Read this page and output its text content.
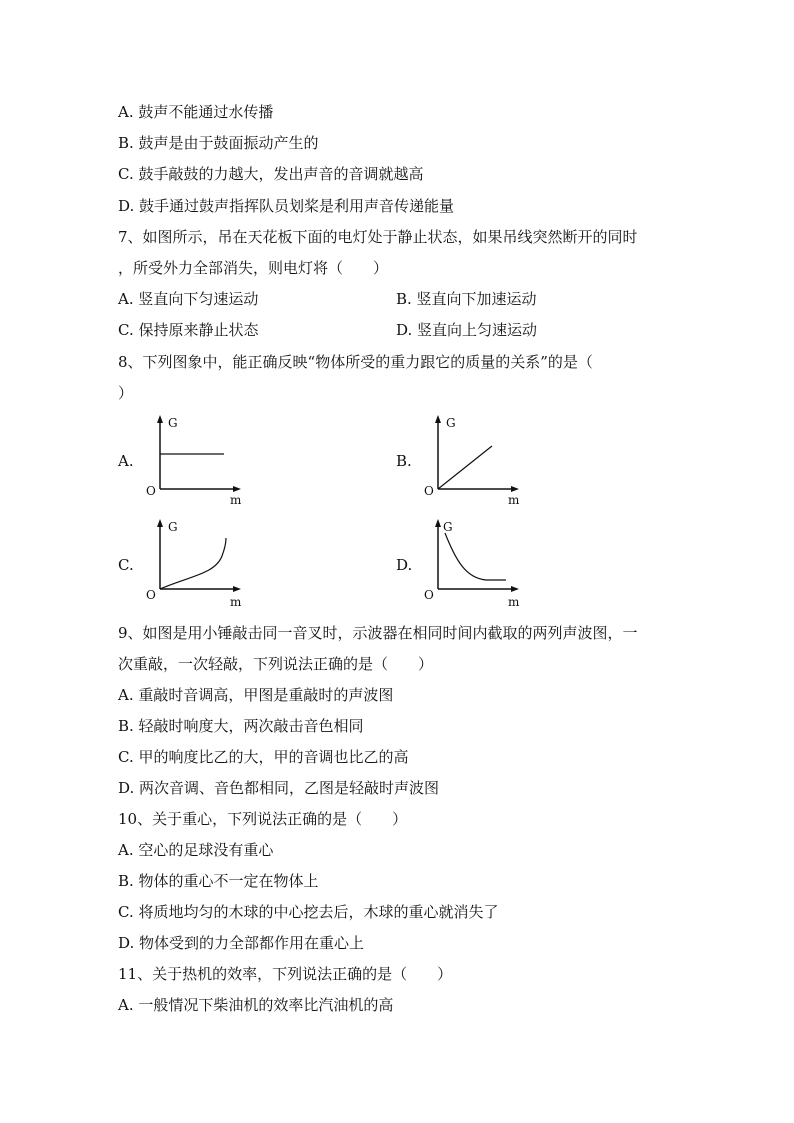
A. 鼓声不能通过水传播
B. 鼓声是由于鼓面振动产生的
C. 鼓手敲鼓的力越大，发出声音的音调就越高
D. 鼓手通过鼓声指挥队员划桨是利用声音传递能量
7、如图所示，吊在天花板下面的电灯处于静止状态，如果吊线突然断开的同时
，所受外力全部消失，则电灯将（　　）
A. 竖直向下匀速运动	B. 竖直向下加速运动
C. 保持原来静止状态	D. 竖直向上匀速运动
8、下列图象中，能正确反映“物体所受的重力跟它的质量的关系”的是（
）
A.
G
O
m
B.
G
O
m
C.
G
O	m
D.
G
O	m
9、如图是用小锤敲击同一音叉时，示波器在相同时间内截取的两列声波图，一
次重敲，一次轻敲，下列说法正确的是（　　）
A. 重敲时音调高，甲图是重敲时的声波图
B. 轻敲时响度大，两次敲击音色相同
C. 甲的响度比乙的大，甲的音调也比乙的高
D. 两次音调、音色都相同，乙图是轻敲时声波图
10、关于重心，下列说法正确的是（　　）
A. 空心的足球没有重心
B. 物体的重心不一定在物体上
C. 将质地均匀的木球的中心挖去后，木球的重心就消失了
D. 物体受到的力全部都作用在重心上
11、关于热机的效率，下列说法正确的是（　　）
A. 一般情况下柴油机的效率比汽油机的高
